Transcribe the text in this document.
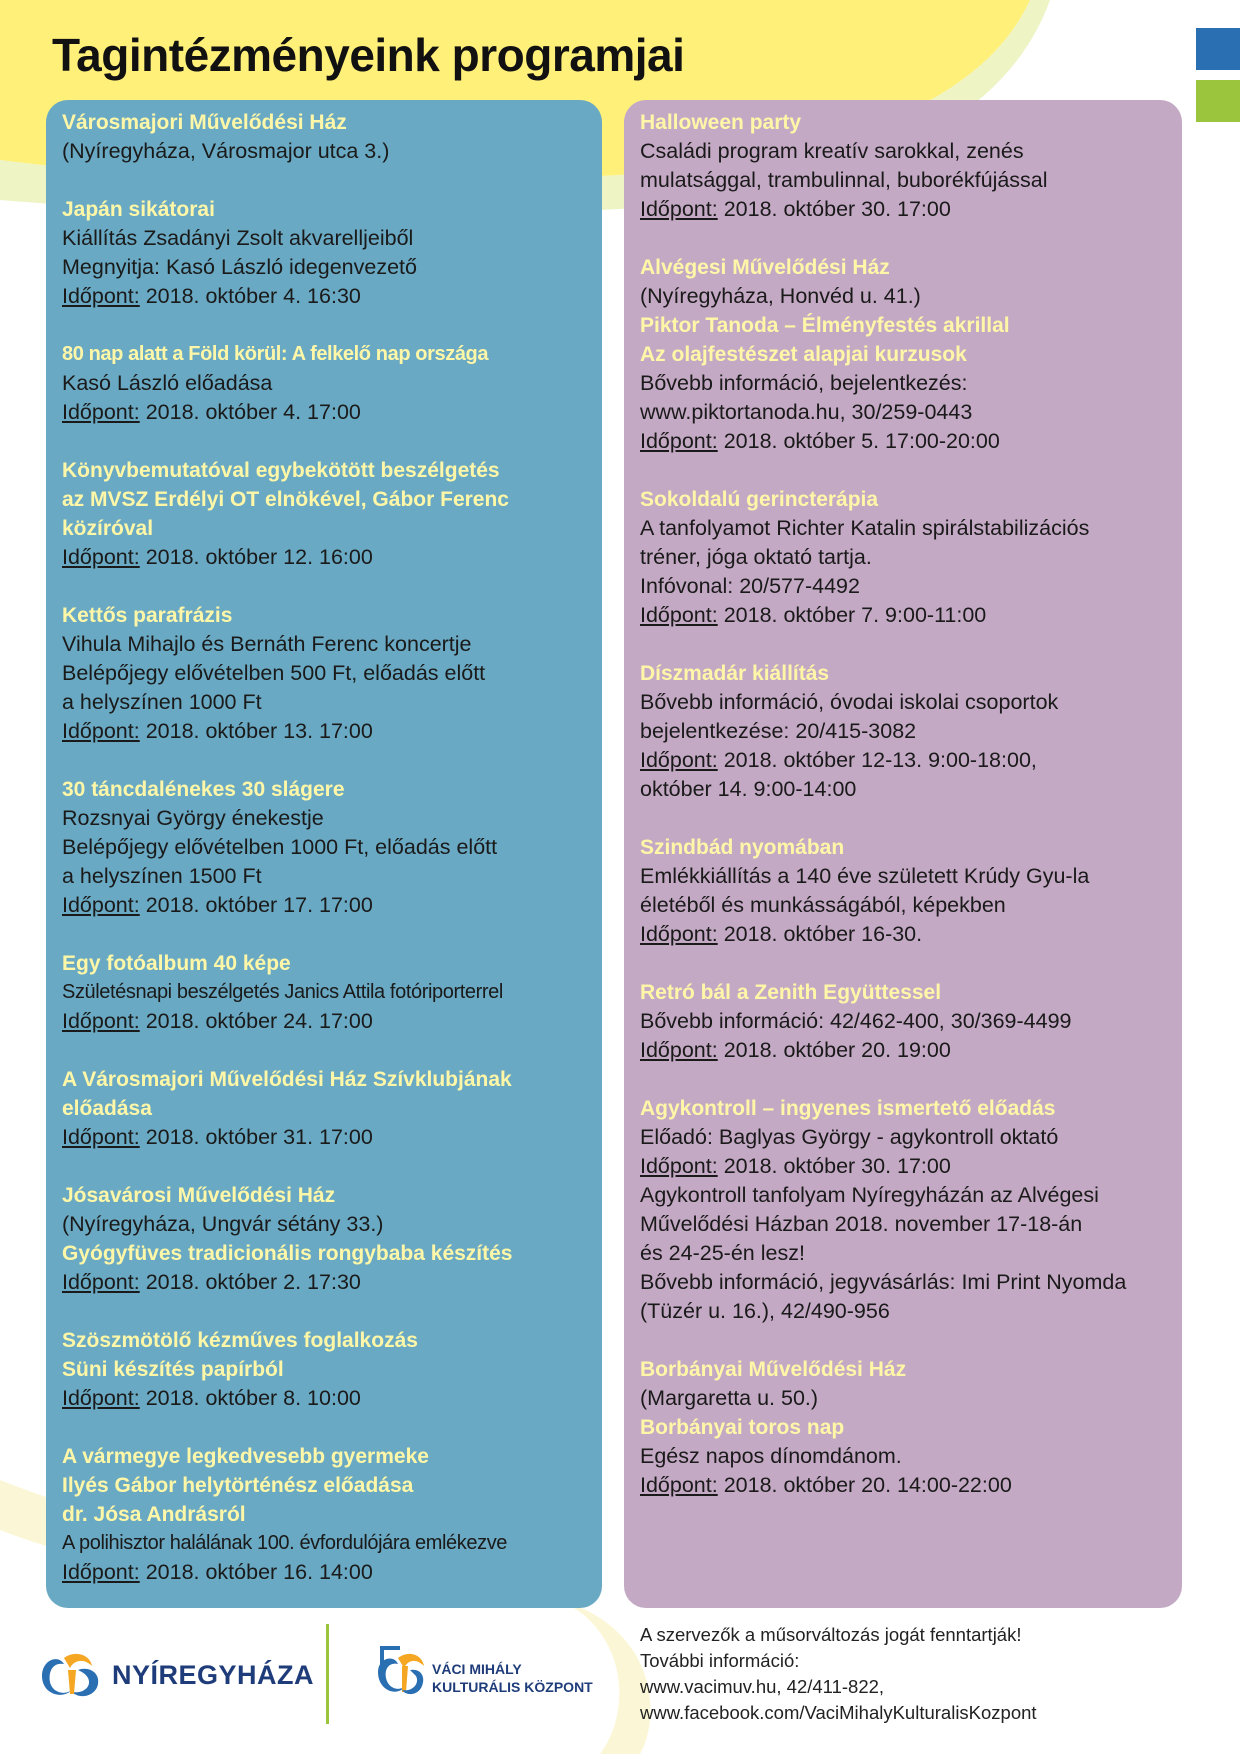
Tagintézményeink programjai

Városmajori Művelődési Ház

(Nyíregyháza, Városmajor utca 3.)

Japán sikátorai

Kiállítás Zsadányi Zsolt akvarelljeiből

Megnyitja: Kasó László idegenvezető

Időpont: 2018. október 4. 16:30

80 nap alatt a Föld körül: A felkelő nap országa

Kasó László előadása

Időpont: 2018. október 4. 17:00

Könyvbemutatóval egybekötött beszélgetés

az MVSZ Erdélyi OT elnökével, Gábor Ferenc

közíróval

Időpont: 2018. október 12. 16:00

Kettős parafrázis

Vihula Mihajlo és Bernáth Ferenc koncertje

Belépőjegy elővételben 500 Ft, előadás előtt

a helyszínen 1000 Ft

Időpont: 2018. október 13. 17:00

30 táncdalénekes 30 slágere

Rozsnyai György énekestje

Belépőjegy elővételben 1000 Ft, előadás előtt

a helyszínen 1500 Ft

Időpont: 2018. október 17. 17:00

Egy fotóalbum 40 képe

Születésnapi beszélgetés Janics Attila fotóriporterrel

Időpont: 2018. október 24. 17:00

A Városmajori Művelődési Ház Szívklubjának

előadása

Időpont: 2018. október 31. 17:00

Jósavárosi Művelődési Ház

(Nyíregyháza, Ungvár sétány 33.)

Gyógyfüves tradicionális rongybaba készítés

Időpont: 2018. október 2. 17:30

Szöszmötölő kézműves foglalkozás

Süni készítés papírból

Időpont: 2018. október 8. 10:00

A vármegye legkedvesebb gyermeke

Ilyés Gábor helytörténész előadása

dr. Jósa Andrásról

A polihisztor halálának 100. évfordulójára emlékezve

Időpont: 2018. október 16. 14:00

Halloween party

Családi program kreatív sarokkal, zenés

mulatsággal, trambulinnal, buborékfújással

Időpont: 2018. október 30. 17:00

Alvégesi Művelődési Ház

(Nyíregyháza, Honvéd u. 41.)

Piktor Tanoda – Élményfestés akrillal

Az olajfestészet alapjai kurzusok

Bővebb információ, bejelentkezés:

www.piktortanoda.hu, 30/259-0443

Időpont: 2018. október 5. 17:00-20:00

Sokoldalú gerincterápia

A tanfolyamot Richter Katalin spirálstabilizációs

tréner, jóga oktató tartja.

Infóvonal: 20/577-4492

Időpont: 2018. október 7. 9:00-11:00

Díszmadár kiállítás

Bővebb információ, óvodai iskolai csoportok

bejelentkezése: 20/415-3082

Időpont: 2018. október 12-13. 9:00-18:00,

október 14. 9:00-14:00

Szindbád nyomában

Emlékkiállítás a 140 éve született Krúdy Gyu-la

életéből és munkásságából, képekben

Időpont: 2018. október 16-30.

Retró bál a Zenith Együttessel

Bővebb információ: 42/462-400, 30/369-4499

Időpont: 2018. október 20. 19:00

Agykontroll – ingyenes ismertető előadás

Előadó: Baglyas György - agykontroll oktató

Időpont: 2018. október 30. 17:00

Agykontroll tanfolyam Nyíregyházán az Alvégesi

Művelődési Házban 2018. november 17-18-án

és 24-25-én lesz!

Bővebb információ, jegyvásárlás: Imi Print Nyomda

(Tüzér u. 16.), 42/490-956

Borbányai Művelődési Ház

(Margaretta u. 50.)

Borbányai toros nap

Egész napos dínomdánom.

Időpont: 2018. október 20. 14:00-22:00

NYÍREGYHÁZA	VÁCI MIHÁLY

KULTURÁLIS KÖZPONT

A szervezők a műsorváltozás jogát fenntartják!

További információ:

www.vacimuv.hu, 42/411-822,

www.facebook.com/VaciMihalyKulturalisKozpont
